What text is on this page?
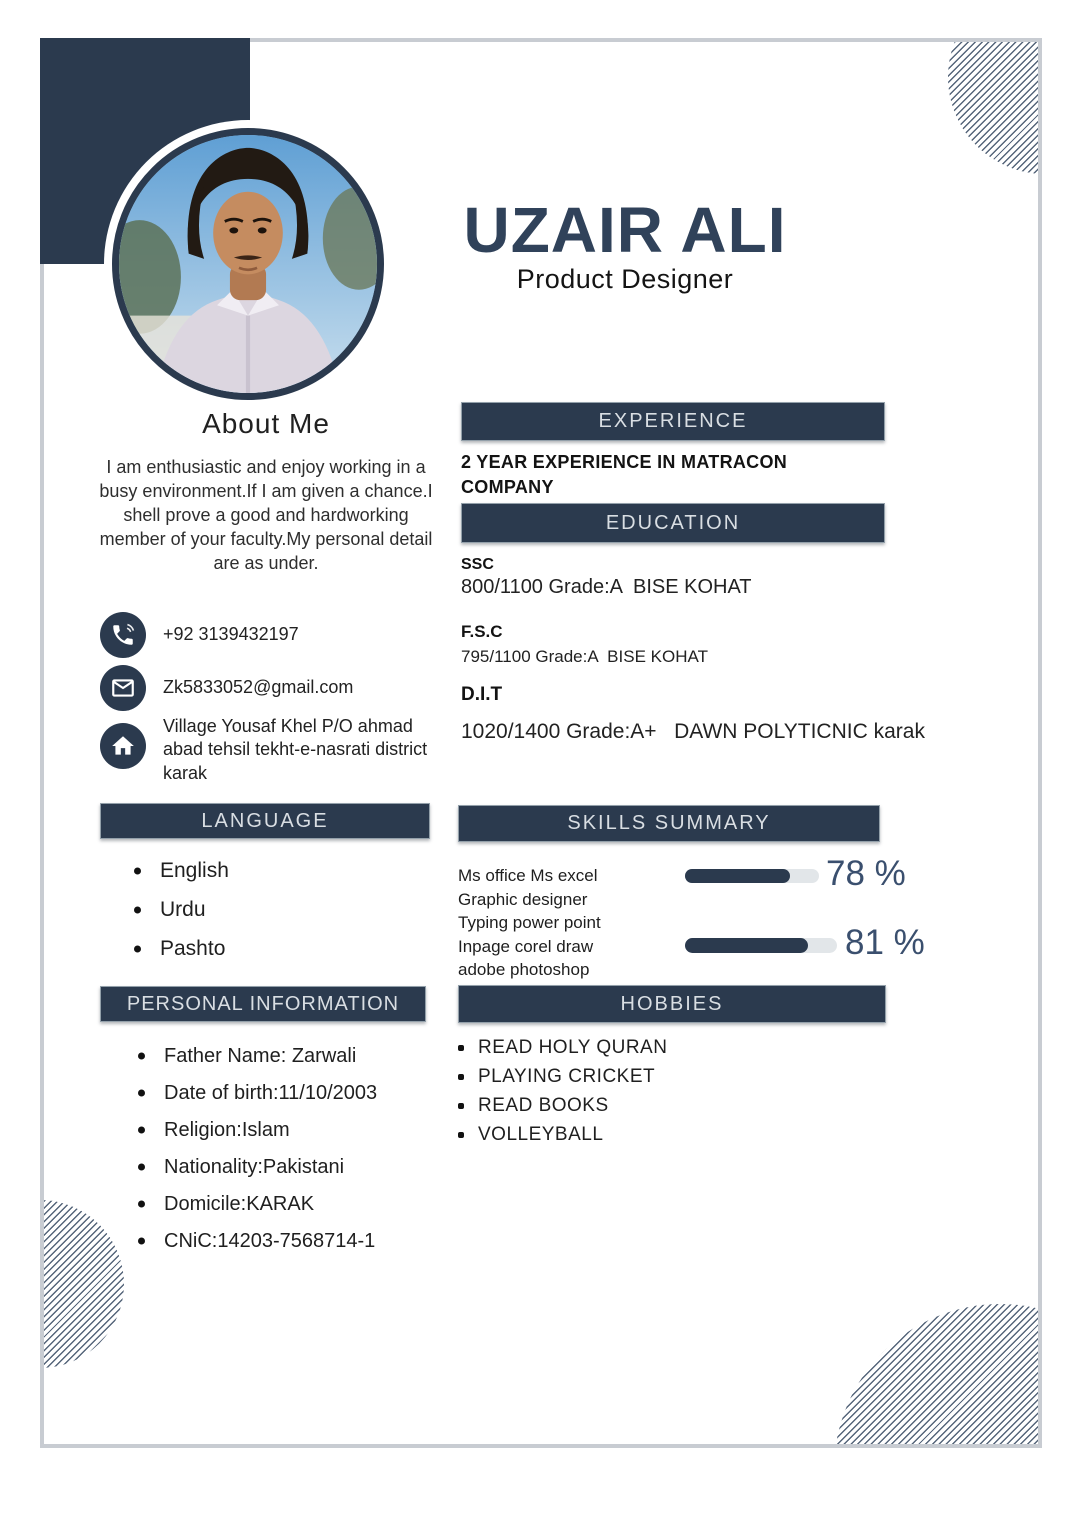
UZAIR ALI
Product Designer
About Me
I am enthusiastic and enjoy working in a busy environment.If I am given a chance.I shell prove a good and hardworking member of your faculty.My personal detail are as under.
+92 3139432197
Zk5833052@gmail.com
Village Yousaf Khel P/O ahmad abad tehsil tekht-e-nasrati district karak
LANGUAGE
PERSONAL INFORMATION
English
Urdu
Pashto
Father Name: Zarwali
Date of birth:11/10/2003
Religion:Islam
Nationality:Pakistani
Domicile:KARAK
CNiC:14203-7568714-1
EXPERIENCE
2 YEAR EXPERIENCE IN MATRACON COMPANY
EDUCATION
SSC
800/1100 Grade:A  BISE KOHAT
F.S.C
795/1100 Grade:A  BISE KOHAT
D.I.T
1020/1400 Grade:A+   DAWN POLYTICNIC karak
SKILLS SUMMARY
Ms office Ms excel
Graphic designer
Typing power point
Inpage corel draw
adobe photoshop
78 %
81 %
HOBBIES
READ HOLY QURAN
PLAYING CRICKET
READ BOOKS
VOLLEYBALL
